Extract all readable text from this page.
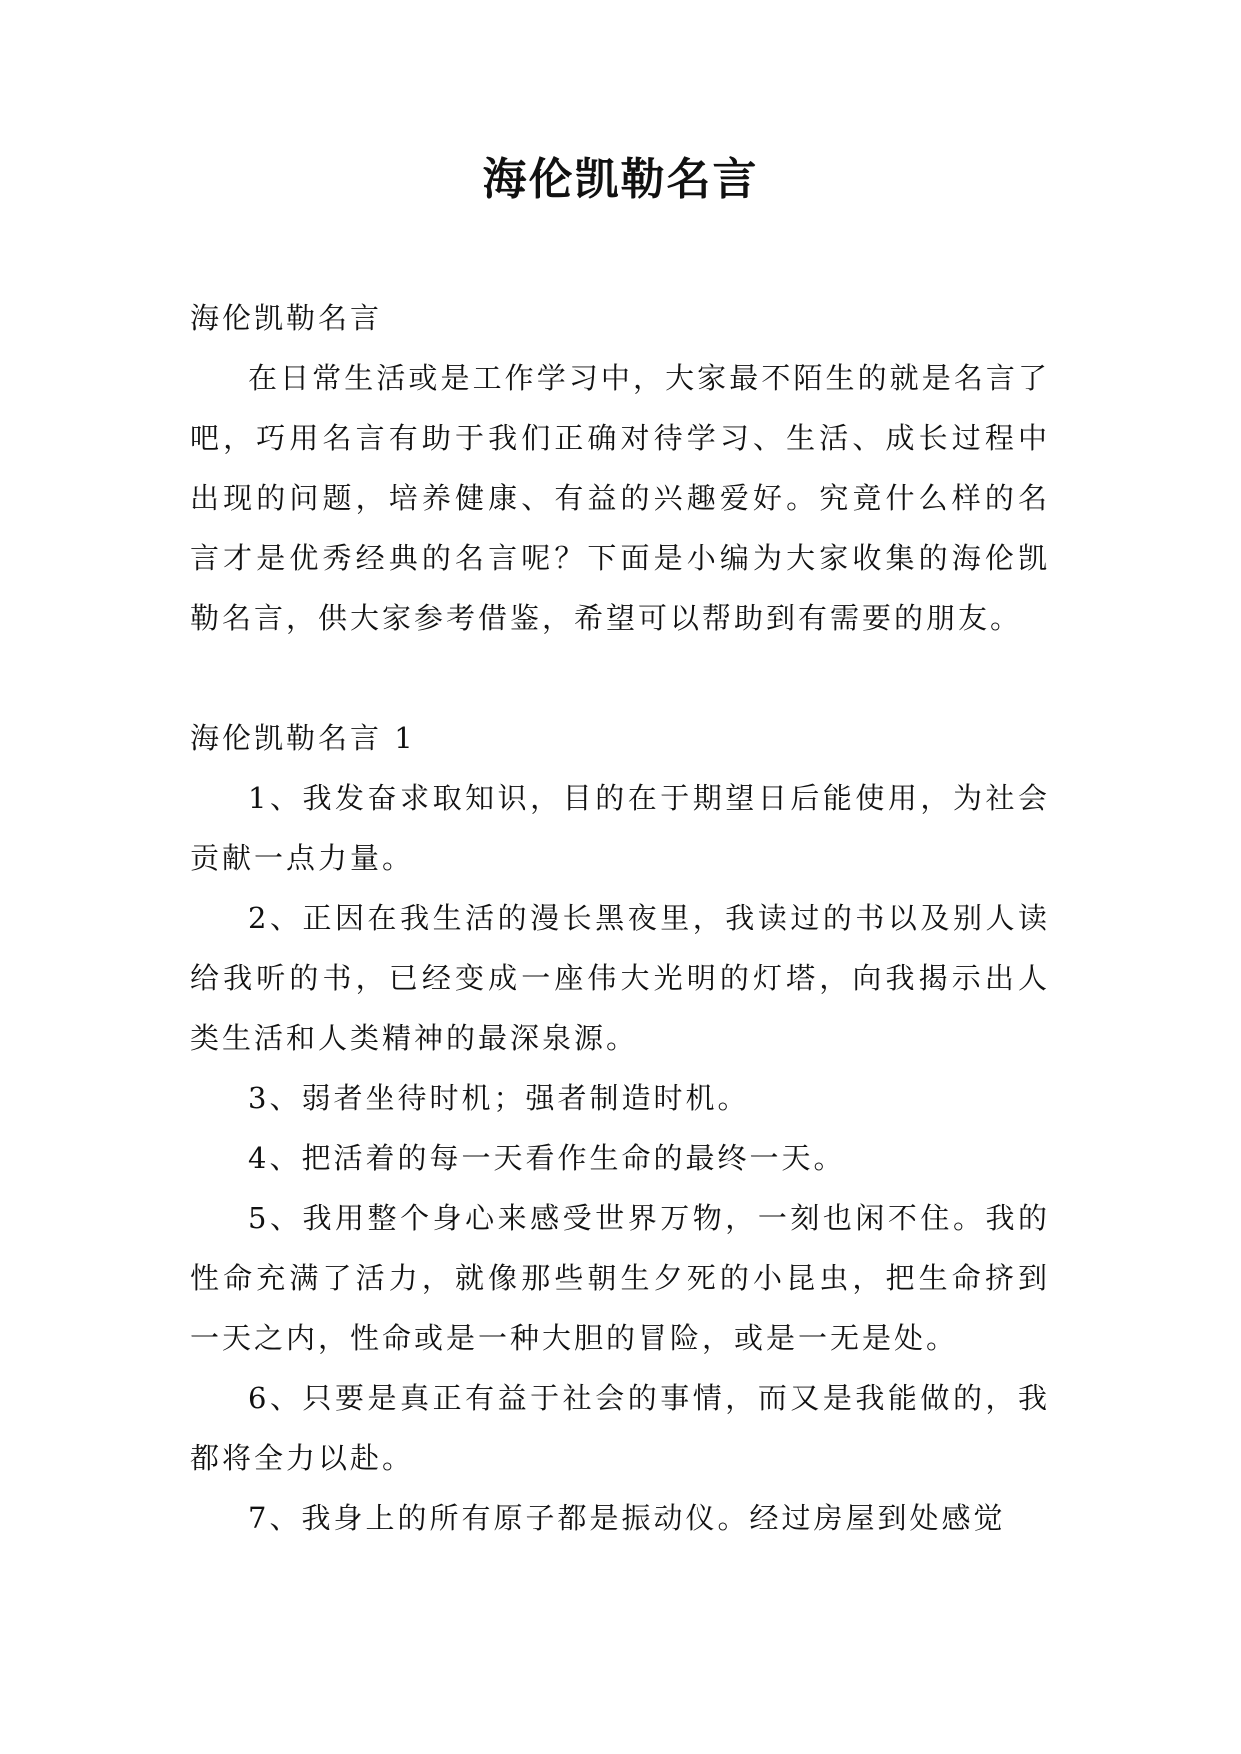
海伦凯勒名言

海伦凯勒名言

在日常生活或是工作学习中，大家最不陌生的就是名言了吧，巧用名言有助于我们正确对待学习、生活、成长过程中出现的问题，培养健康、有益的兴趣爱好。究竟什么样的名言才是优秀经典的名言呢？下面是小编为大家收集的海伦凯勒名言，供大家参考借鉴，希望可以帮助到有需要的朋友。

海伦凯勒名言 1

1、我发奋求取知识，目的在于期望日后能使用，为社会贡献一点力量。

2、正因在我生活的漫长黑夜里，我读过的书以及别人读给我听的书，已经变成一座伟大光明的灯塔，向我揭示出人类生活和人类精神的最深泉源。

3、弱者坐待时机；强者制造时机。

4、把活着的每一天看作生命的最终一天。

5、我用整个身心来感受世界万物，一刻也闲不住。我的性命充满了活力，就像那些朝生夕死的小昆虫，把生命挤到一天之内，性命或是一种大胆的冒险，或是一无是处。

6、只要是真正有益于社会的事情，而又是我能做的，我都将全力以赴。

7、我身上的所有原子都是振动仪。经过房屋到处感觉
